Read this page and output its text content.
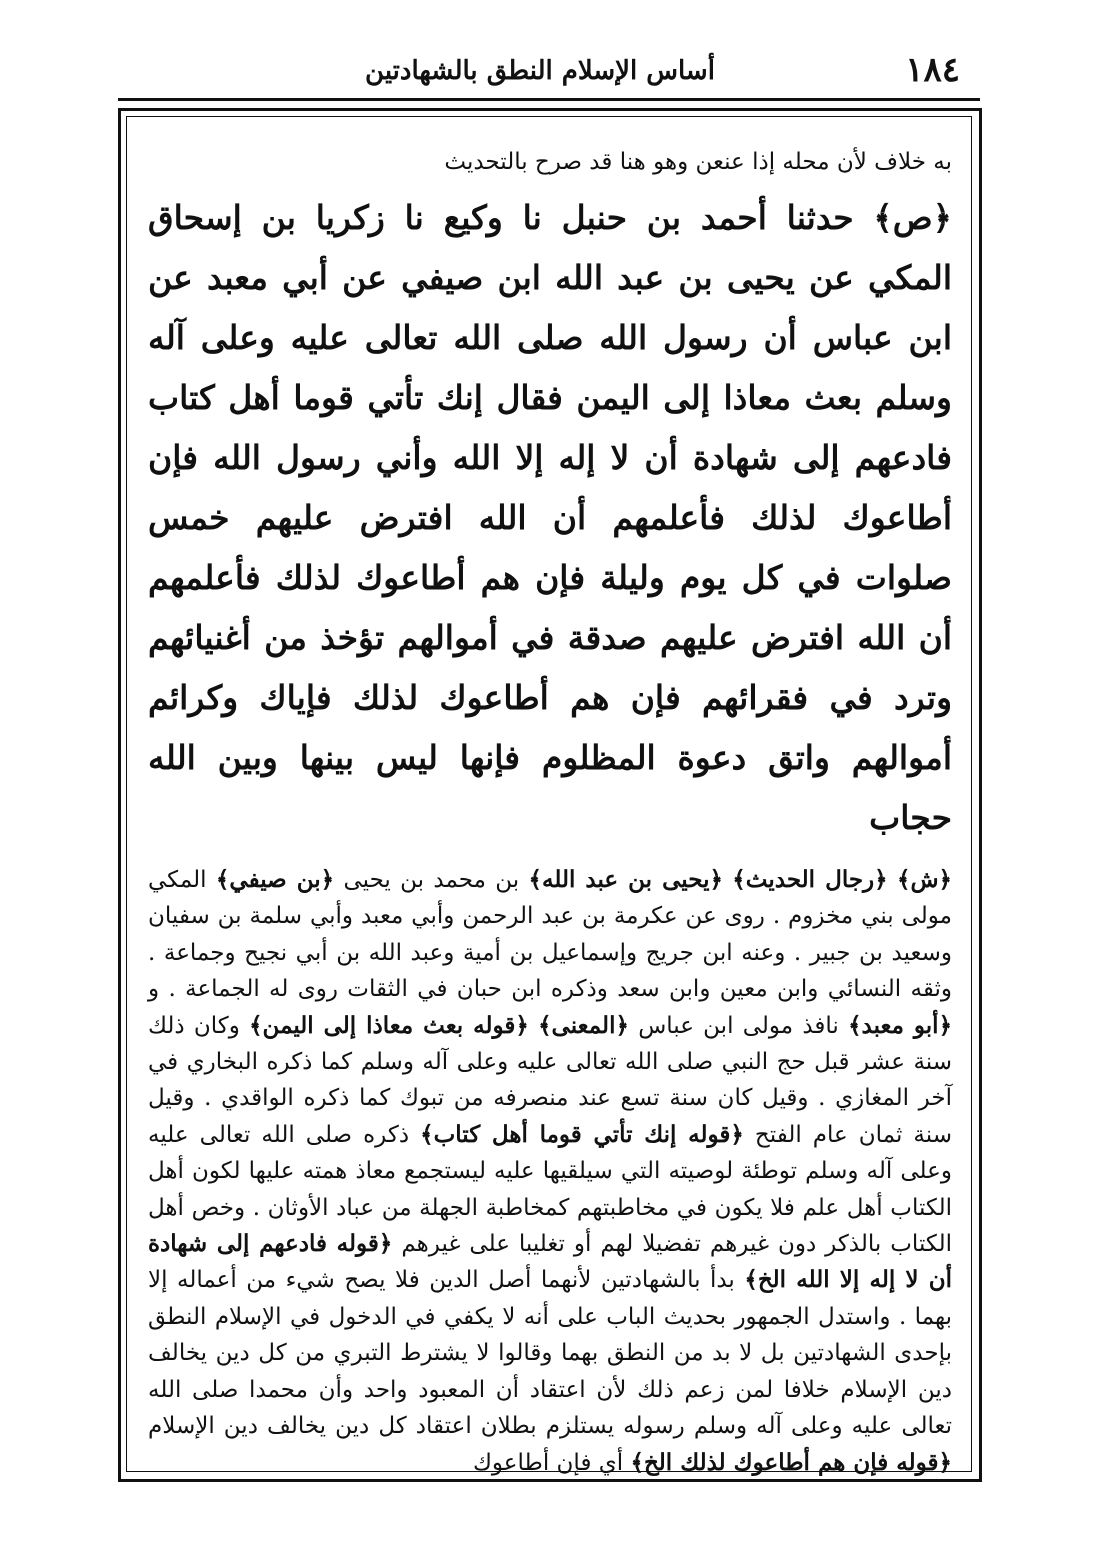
١٨٤
أساس الإسلام النطق بالشهادتين

به خلاف لأن محله إذا عنعن وهو هنا قد صرح بالتحديث

﴿ص﴾ حدثنا أحمد بن حنبل نا وكيع نا زكريا بن إسحاق المكي عن يحيى بن عبد الله ابن صيفي عن أبي معبد عن ابن عباس أن رسول الله صلى الله تعالى عليه وعلى آله وسلم بعث معاذا إلى اليمن فقال إنك تأتي قوما أهل كتاب فادعهم إلى شهادة أن لا إله إلا الله وأني رسول الله فإن أطاعوك لذلك فأعلمهم أن الله افترض عليهم خمس صلوات في كل يوم وليلة فإن هم أطاعوك لذلك فأعلمهم أن الله افترض عليهم صدقة في أموالهم تؤخذ من أغنيائهم وترد في فقرائهم فإن هم أطاعوك لذلك فإياك وكرائم أموالهم واتق دعوة المظلوم فإنها ليس بينها وبين الله حجاب

﴿ش﴾ ﴿رجال الحديث﴾ ﴿يحيى بن عبد الله﴾ بن محمد بن يحيى ﴿بن صيفي﴾ المكي مولى بني مخزوم . روى عن عكرمة بن عبد الرحمن وأبي معبد وأبي سلمة بن سفيان وسعيد بن جبير . وعنه ابن جريج وإسماعيل بن أمية وعبد الله بن أبي نجيح وجماعة . وثقه النسائي وابن معين وابن سعد وذكره ابن حبان في الثقات روى له الجماعة . و ﴿أبو معبد﴾ نافذ مولى ابن عباس ﴿المعنى﴾ ﴿قوله بعث معاذا إلى اليمن﴾ وكان ذلك سنة عشر قبل حج النبي صلى الله تعالى عليه وعلى آله وسلم كما ذكره البخاري في آخر المغازي . وقيل كان سنة تسع عند منصرفه من تبوك كما ذكره الواقدي . وقيل سنة ثمان عام الفتح ﴿قوله إنك تأتي قوما أهل كتاب﴾ ذكره صلى الله تعالى عليه وعلى آله وسلم توطئة لوصيته التي سيلقيها عليه ليستجمع معاذ همته عليها لكون أهل الكتاب أهل علم فلا يكون في مخاطبتهم كمخاطبة الجهلة من عباد الأوثان . وخص أهل الكتاب بالذكر دون غيرهم تفضيلا لهم أو تغليبا على غيرهم ﴿قوله فادعهم إلى شهادة أن لا إله إلا الله الخ﴾ بدأ بالشهادتين لأنهما أصل الدين فلا يصح شيء من أعماله إلا بهما . واستدل الجمهور بحديث الباب على أنه لا يكفي في الدخول في الإسلام النطق بإحدى الشهادتين بل لا بد من النطق بهما وقالوا لا يشترط التبري من كل دين يخالف دين الإسلام خلافا لمن زعم ذلك لأن اعتقاد أن المعبود واحد وأن محمدا صلى الله تعالى عليه وعلى آله وسلم رسوله يستلزم بطلان اعتقاد كل دين يخالف دين الإسلام ﴿قوله فإن هم أطاعوك لذلك الخ﴾ أي فإن أطاعوك
